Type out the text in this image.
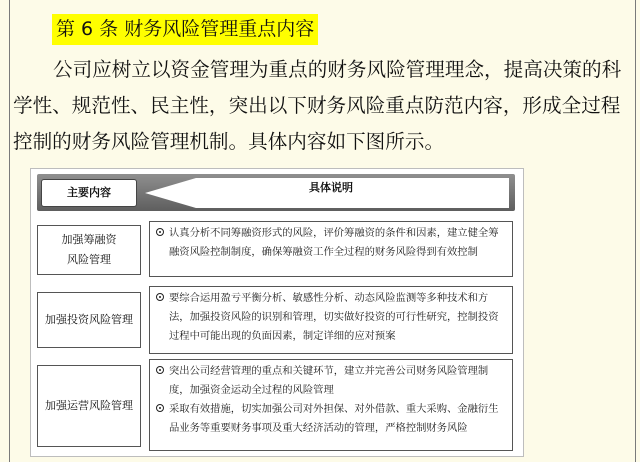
第 6 条 财务风险管理重点内容
公司应树立以资金管理为重点的财务风险管理理念，提高决策的科学性、规范性、民主性，突出以下财务风险重点防范内容，形成全过程控制的财务风险管理机制。具体内容如下图所示。
主要内容	具体说明
加强筹融资
风险管理
认真分析不同筹融资形式的风险，评价筹融资的条件和因素，建立健全筹融资风险控制制度，确保筹融资工作全过程的财务风险得到有效控制
加强投资风险管理
要综合运用盈亏平衡分析、敏感性分析、动态风险监测等多种技术和方法，加强投资风险的识别和管理，切实做好投资的可行性研究，控制投资过程中可能出现的负面因素，制定详细的应对预案
加强运营风险管理
突出公司经营管理的重点和关键环节，建立并完善公司财务风险管理制度，加强资金运动全过程的风险管理
采取有效措施，切实加强公司对外担保、对外借款、重大采购、金融衍生品业务等重要财务事项及重大经济活动的管理，严格控制财务风险
